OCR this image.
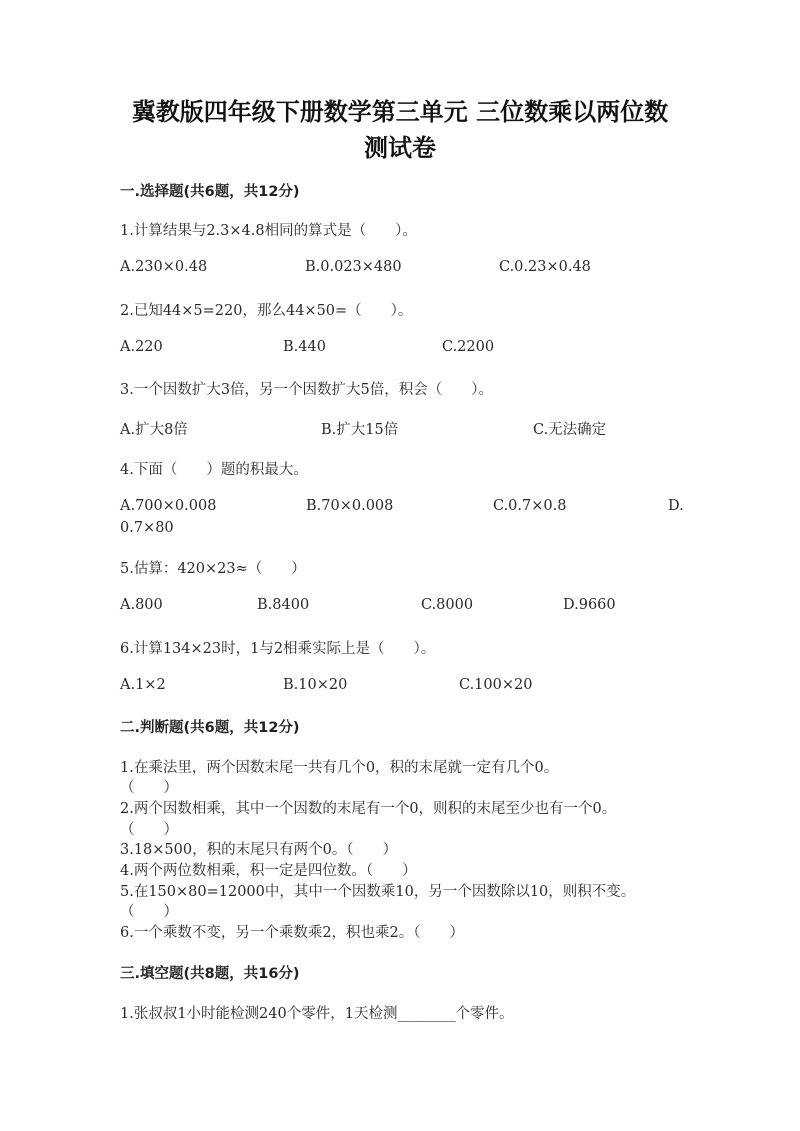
冀教版四年级下册数学第三单元 三位数乘以两位数
测试卷
一.选择题(共6题，共12分)
1.计算结果与2.3×4.8相同的算式是（　　）。
A.230×0.48	B.0.023×480	C.0.23×0.48
2.已知44×5=220，那么44×50=（　　）。
A.220	B.440	C.2200
3.一个因数扩大3倍，另一个因数扩大5倍，积会（　　）。
A.扩大8倍	B.扩大15倍	C.无法确定
4.下面（　　）题的积最大。
A.700×0.008	B.70×0.008	C.0.7×0.8	D.
0.7×80
5.估算：420×23≈（　　）
A.800	B.8400	C.8000	D.9660
6.计算134×23时，1与2相乘实际上是（　　）。
A.1×2	B.10×20	C.100×20
二.判断题(共6题，共12分)
1.在乘法里，两个因数末尾一共有几个0，积的末尾就一定有几个0。
（　　）
2.两个因数相乘，其中一个因数的末尾有一个0，则积的末尾至少也有一个0。
（　　）
3.18×500，积的末尾只有两个0。（　　）
4.两个两位数相乘，积一定是四位数。（　　）
5.在150×80=12000中，其中一个因数乘10，另一个因数除以10，则积不变。
（　　）
6.一个乘数不变，另一个乘数乘2，积也乘2。（　　）
三.填空题(共8题，共16分)
1.张叔叔1小时能检测240个零件，1天检测________个零件。
